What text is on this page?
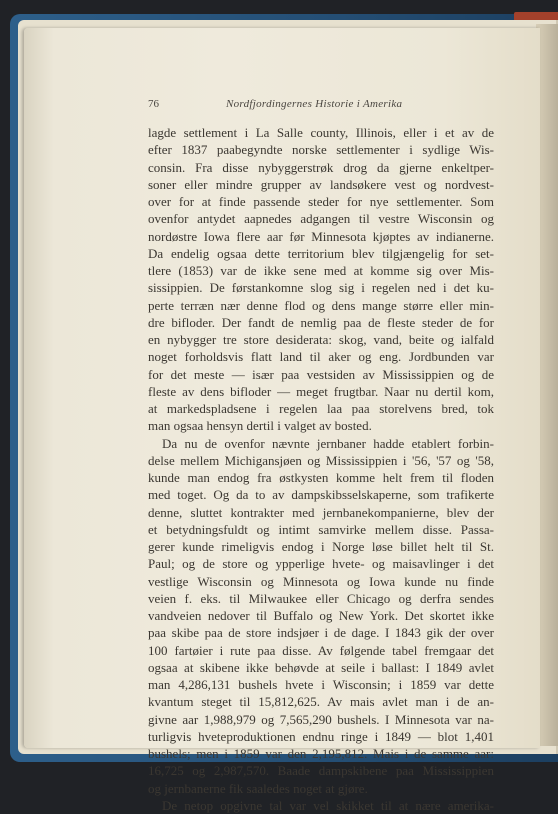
76	Nordfjordingernes Historie i Amerika
lagde settlement i La Salle county, Illinois, eller i et av de
efter 1837 paabegyndte norske settlementer i sydlige Wis-
consin. Fra disse nybyggerstrøk drog da gjerne enkeltper-
soner eller mindre grupper av landsøkere vest og nordvest-
over for at finde passende steder for nye settlementer. Som
ovenfor antydet aapnedes adgangen til vestre Wisconsin og
nordøstre Iowa flere aar før Minnesota kjøptes av indianerne.
Da endelig ogsaa dette territorium blev tilgjængelig for set-
tlere (1853) var de ikke sene med at komme sig over Mis-
sissippien. De førstankomne slog sig i regelen ned i det ku-
perte terræn nær denne flod og dens mange større eller min-
dre bifloder. Der fandt de nemlig paa de fleste steder de for
en nybygger tre store desiderata: skog, vand, beite og ialfald
noget forholdsvis flatt land til aker og eng. Jordbunden var
for det meste — især paa vestsiden av Mississippien og de
fleste av dens bifloder — meget frugtbar. Naar nu dertil kom,
at markedspladsene i regelen laa paa storelvens bred, tok
man ogsaa hensyn dertil i valget av bosted.
Da nu de ovenfor nævnte jernbaner hadde etablert forbin-
delse mellem Michigansjøen og Mississippien i '56, '57 og '58,
kunde man endog fra østkysten komme helt frem til floden
med toget. Og da to av dampskibsselskaperne, som trafikerte
denne, sluttet kontrakter med jernbanekompanierne, blev der
et betydningsfuldt og intimt samvirke mellem disse. Passa-
gerer kunde rimeligvis endog i Norge løse billet helt til St.
Paul; og de store og ypperlige hvete- og maisavlinger i det
vestlige Wisconsin og Minnesota og Iowa kunde nu finde
veien f. eks. til Milwaukee eller Chicago og derfra sendes
vandveien nedover til Buffalo og New York. Det skortet ikke
paa skibe paa de store indsjøer i de dage. I 1843 gik der over
100 fartøier i rute paa disse. Av følgende tabel fremgaar det
ogsaa at skibene ikke behøvde at seile i ballast: I 1849 avlet
man 4,286,131 bushels hvete i Wisconsin; i 1859 var dette
kvantum steget til 15,812,625. Av mais avlet man i de an-
givne aar 1,988,979 og 7,565,290 bushels. I Minnesota var na-
turligvis hveteproduktionen endnu ringe i 1849 — blot 1,401
bushels; men i 1859 var den 2,195,812. Mais i de samme aar:
16,725 og 2,987,570. Baade dampskibene paa Mississippien
og jernbanerne fik saaledes noget at gjøre.
De netop opgivne tal var vel skikket til at nære amerika-
